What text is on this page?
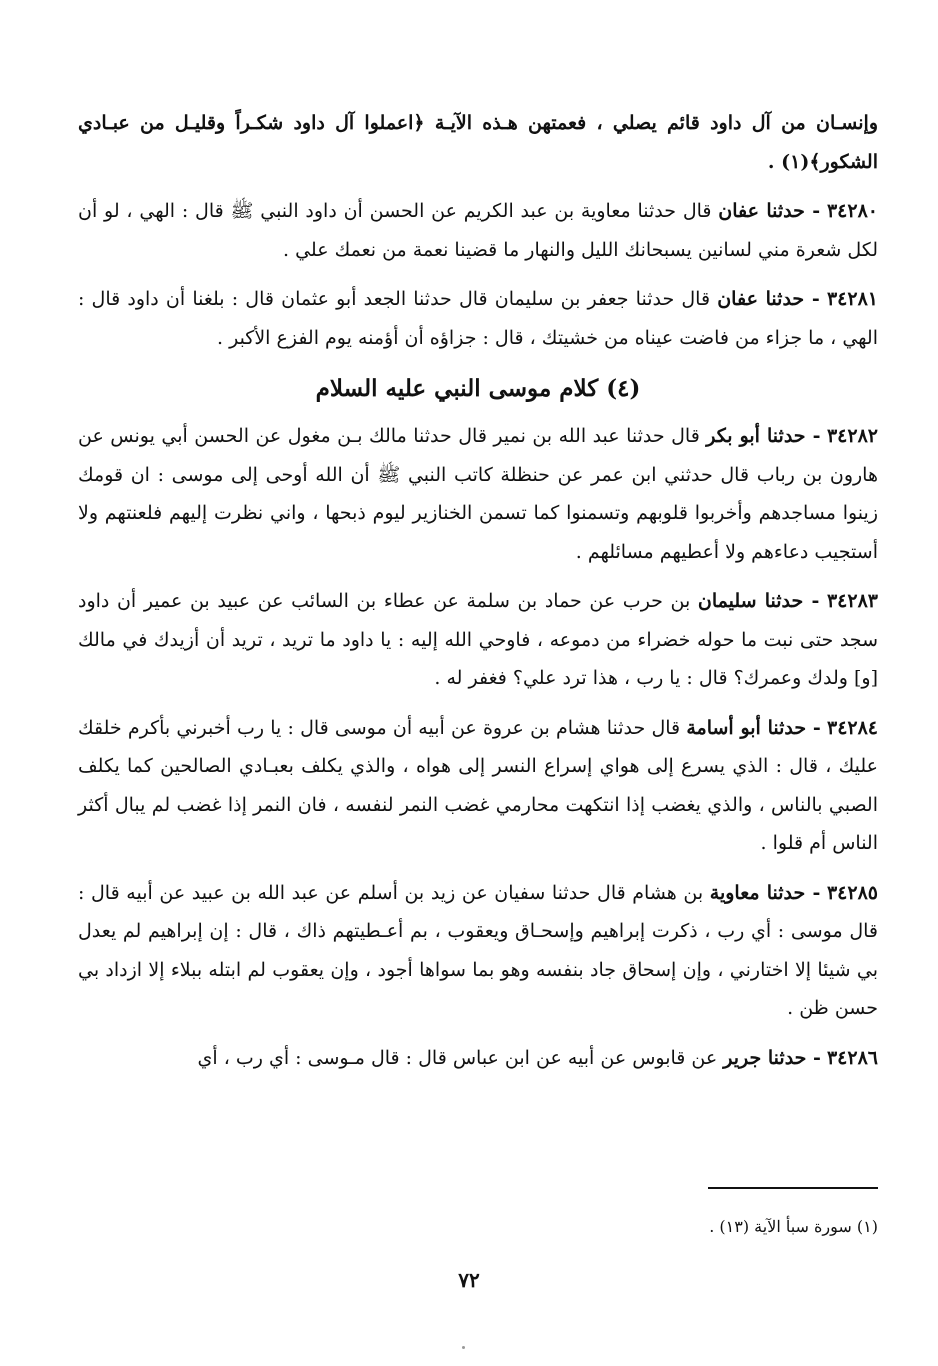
وإنسـان من آل داود قائم يصلي ، فعمتهن هـذه الآيـة ﴿اعملوا آل داود شكـراً وقليـل من عبـادي الشكور﴾(١) .

٣٤٢٨٠ - حدثنا عفان قال حدثنا معاوية بن عبد الكريم عن الحسن أن داود النبي ﷺ قال : الهي ، لو أن لكل شعرة مني لسانين يسبحانك الليل والنهار ما قضينا نعمة من نعمك علي .

٣٤٢٨١ - حدثنا عفان قال حدثنا جعفر بن سليمان قال حدثنا الجعد أبو عثمان قال : بلغنا أن داود قال : الهي ، ما جزاء من فاضت عيناه من خشيتك ، قال : جزاؤه أن أؤمنه يوم الفزع الأكبر .

(٤) كلام موسى النبي عليه السلام

٣٤٢٨٢ - حدثنا أبو بكر قال حدثنا عبد الله بن نمير قال حدثنا مالك بـن مغول عن الحسن أبي يونس عن هارون بن رباب قال حدثني ابن عمر عن حنظلة كاتب النبي ﷺ أن الله أوحى إلى موسى : ان قومك زينوا مساجدهم وأخربوا قلوبهم وتسمنوا كما تسمن الخنازير ليوم ذبحها ، واني نظرت إليهم فلعنتهم ولا أستجيب دعاءهم ولا أعطيهم مسائلهم .

٣٤٢٨٣ - حدثنا سليمان بن حرب عن حماد بن سلمة عن عطاء بن السائب عن عبيد بن عمير أن داود سجد حتى نبت ما حوله خضراء من دموعه ، فاوحي الله إليه : يا داود ما تريد ، تريد أن أزيدك في مالك [و] ولدك وعمرك؟ قال : يا رب ، هذا ترد علي؟ فغفر له .

٣٤٢٨٤ - حدثنا أبو أسامة قال حدثنا هشام بن عروة عن أبيه أن موسى قال : يا رب أخبرني بأكرم خلقك عليك ، قال : الذي يسرع إلى هواي إسراع النسر إلى هواه ، والذي يكلف بعبـادي الصالحين كما يكلف الصبي بالناس ، والذي يغضب إذا انتكهت محارمي غضب النمر لنفسه ، فان النمر إذا غضب لم يبال أكثر الناس أم قلوا .

٣٤٢٨٥ - حدثنا معاوية بن هشام قال حدثنا سفيان عن زيد بن أسلم عن عبد الله بن عبيد عن أبيه قال : قال موسى : أي رب ، ذكرت إبراهيم وإسحـاق ويعقوب ، بم أعـطيتهم ذاك ، قال : إن إبراهيم لم يعدل بي شيئا إلا اختارني ، وإن إسحاق جاد بنفسه وهو بما سواها أجود ، وإن يعقوب لم ابتله ببلاء إلا ازداد بي حسن ظن .

٣٤٢٨٦ - حدثنا جرير عن قابوس عن أبيه عن ابن عباس قال : قال مـوسى : أي رب ، أي

(١) سورة سبأ الآية (١٣) .
٧٢
